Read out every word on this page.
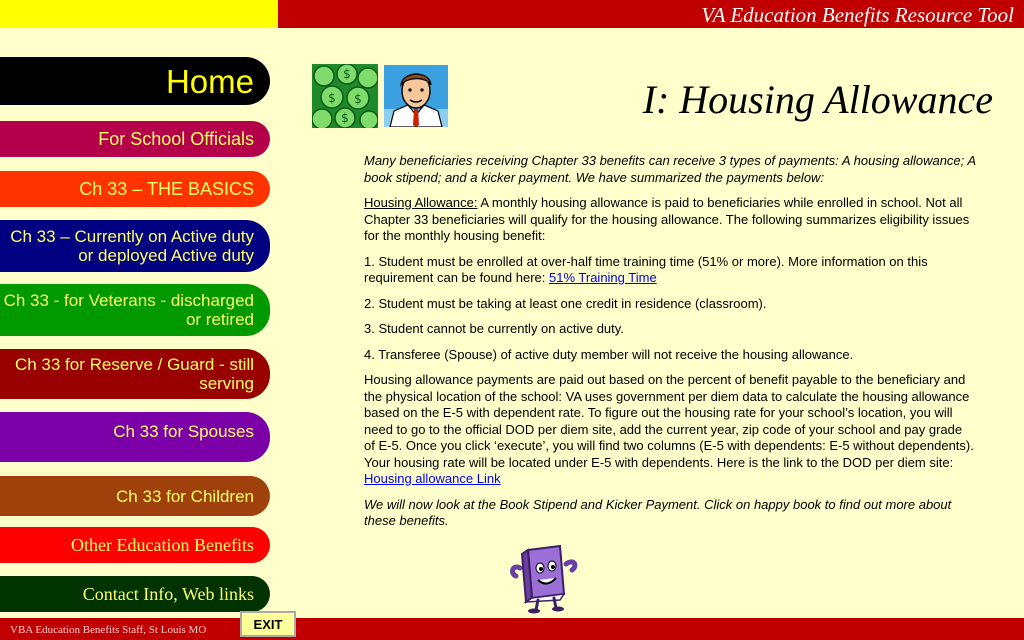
VA Education Benefits Resource Tool
Home
For School Officials
Ch 33 – THE BASICS
Ch 33 – Currently on Active duty or deployed Active duty
Ch 33 - for Veterans - discharged or retired
Ch 33 for Reserve / Guard - still serving
Ch 33 for Spouses
Ch 33 for Children
Other Education Benefits
Contact Info, Web links
$ $
$
$	I: Housing Allowance

Many beneficiaries receiving Chapter 33 benefits can receive 3 types of payments: A housing allowance; A book stipend; and a kicker payment. We have summarized the payments below:

Housing Allowance: A monthly housing allowance is paid to beneficiaries while enrolled in school. Not all Chapter 33 beneficiaries will qualify for the housing allowance. The following summarizes eligibility issues for the monthly housing benefit:

1. Student must be enrolled at over-half time training time (51% or more). More information on this requirement can be found here: 51% Training Time

2. Student must be taking at least one credit in residence (classroom).

3. Student cannot be currently on active duty.

4. Transferee (Spouse) of active duty member will not receive the housing allowance.

Housing allowance payments are paid out based on the percent of benefit payable to the beneficiary and the physical location of the school: VA uses government per diem data to calculate the housing allowance based on the E-5 with dependent rate. To figure out the housing rate for your school’s location, you will need to go to the official DOD per diem site, add the current year, zip code of your school and pay grade of E-5. Once you click ‘execute’, you will find two columns (E-5 with dependents: E-5 without dependents). Your housing rate will be located under E-5 with dependents. Here is the link to the DOD per diem site: Housing allowance Link

We will now look at the Book Stipend and Kicker Payment. Click on happy book to find out more about these benefits.

VBA Education Benefits Staff, St Louis MO	EXIT
